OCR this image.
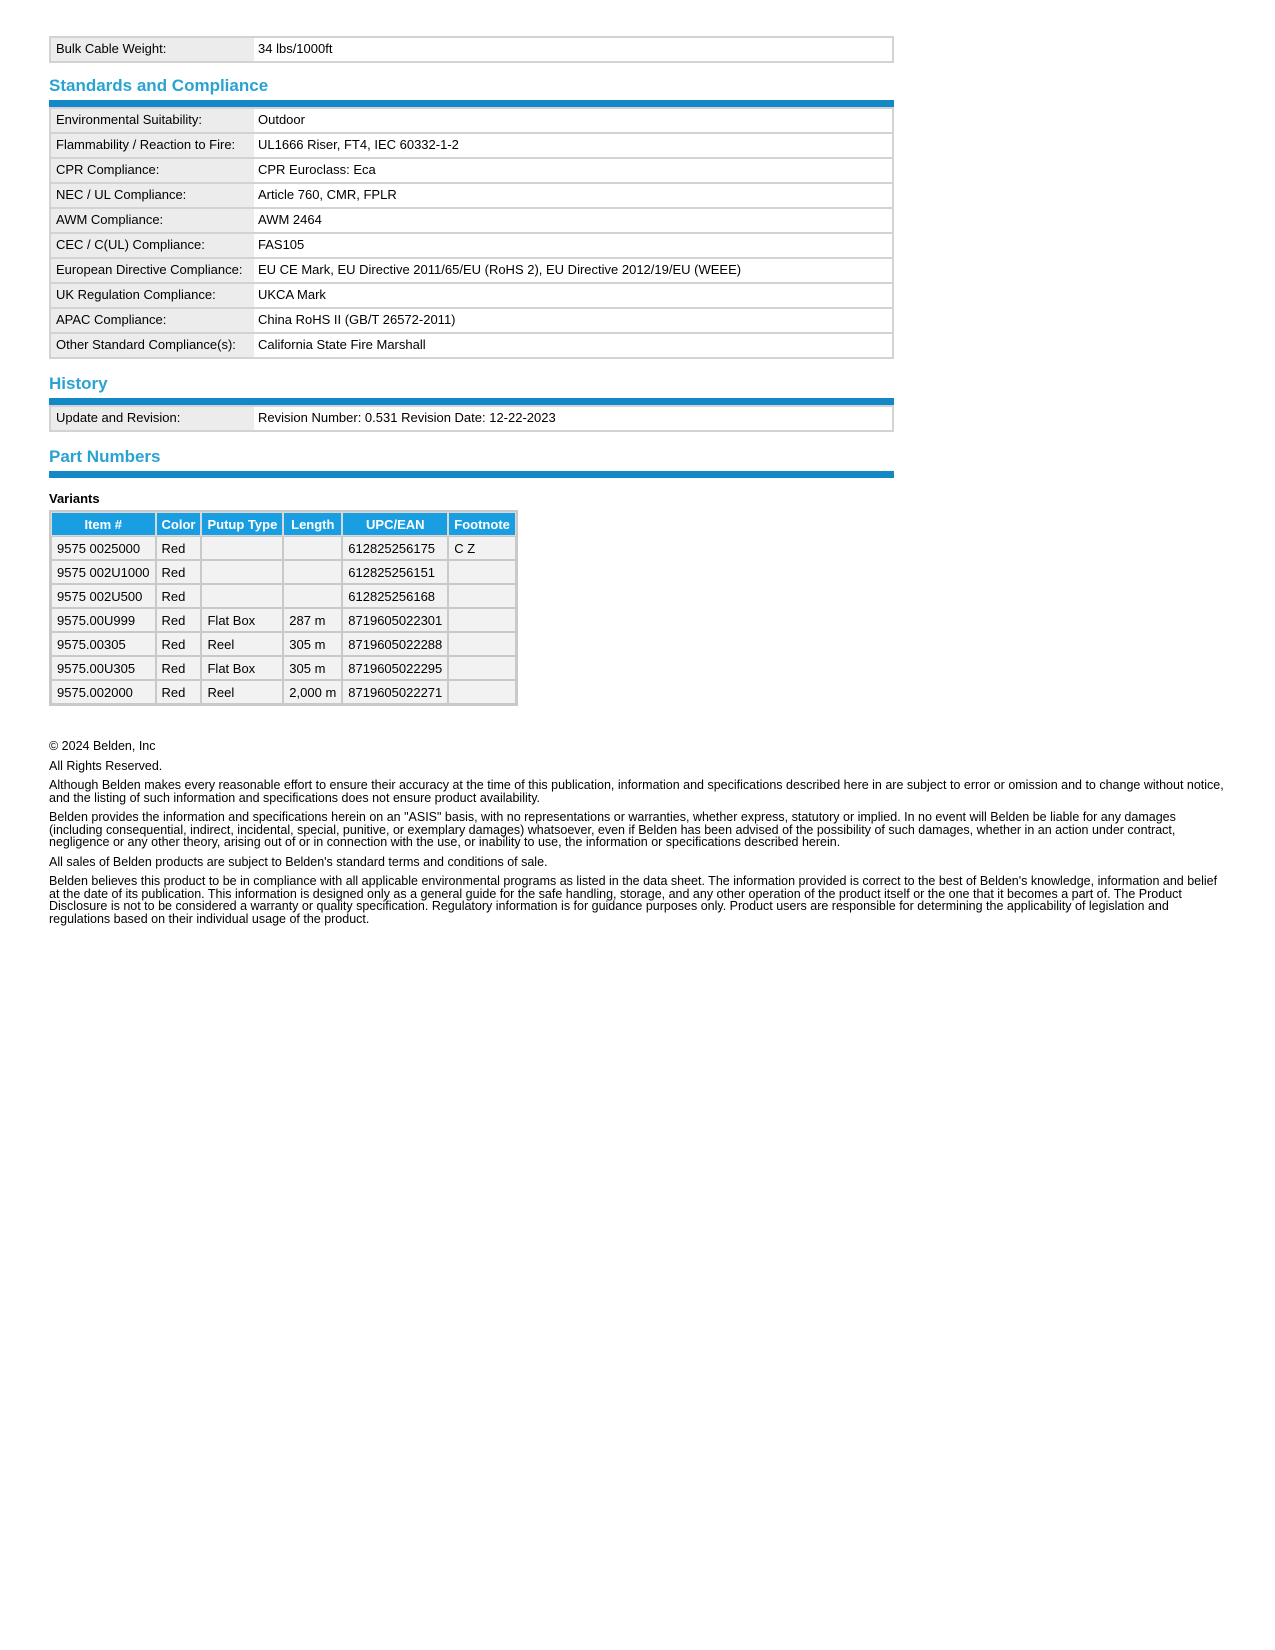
Bulk Cable Weight:	34 lbs/1000ft
Standards and Compliance
Environmental Suitability:	Outdoor
Flammability / Reaction to Fire:	UL1666 Riser, FT4, IEC 60332-1-2
CPR Compliance:	CPR Euroclass: Eca
NEC / UL Compliance:	Article 760, CMR, FPLR
AWM Compliance:	AWM 2464
CEC / C(UL) Compliance:	FAS105
European Directive Compliance:	EU CE Mark, EU Directive 2011/65/EU (RoHS 2), EU Directive 2012/19/EU (WEEE)
UK Regulation Compliance:	UKCA Mark
APAC Compliance:	China RoHS II (GB/T 26572-2011)
Other Standard Compliance(s):	California State Fire Marshall
History
Update and Revision:	Revision Number: 0.531 Revision Date: 12-22-2023
Part Numbers
Variants
Item #	Color	Putup Type	Length	UPC/EAN	Footnote
9575 0025000	Red			612825256175	C Z
9575 002U1000	Red			612825256151	
9575 002U500	Red			612825256168	
9575.00U999	Red	Flat Box	287 m	8719605022301	
9575.00305	Red	Reel	305 m	8719605022288	
9575.00U305	Red	Flat Box	305 m	8719605022295	
9575.002000	Red	Reel	2,000 m	8719605022271	

© 2024 Belden, Inc

All Rights Reserved.

Although Belden makes every reasonable effort to ensure their accuracy at the time of this publication, information and specifications described here in are subject to error or omission and to change without notice, and the listing of such information and specifications does not ensure product availability.

Belden provides the information and specifications herein on an "ASIS" basis, with no representations or warranties, whether express, statutory or implied. In no event will Belden be liable for any damages (including consequential, indirect, incidental, special, punitive, or exemplary damages) whatsoever, even if Belden has been advised of the possibility of such damages, whether in an action under contract, negligence or any other theory, arising out of or in connection with the use, or inability to use, the information or specifications described herein.

All sales of Belden products are subject to Belden's standard terms and conditions of sale.

Belden believes this product to be in compliance with all applicable environmental programs as listed in the data sheet. The information provided is correct to the best of Belden's knowledge, information and belief at the date of its publication. This information is designed only as a general guide for the safe handling, storage, and any other operation of the product itself or the one that it becomes a part of. The Product Disclosure is not to be considered a warranty or quality specification. Regulatory information is for guidance purposes only. Product users are responsible for determining the applicability of legislation and regulations based on their individual usage of the product.
